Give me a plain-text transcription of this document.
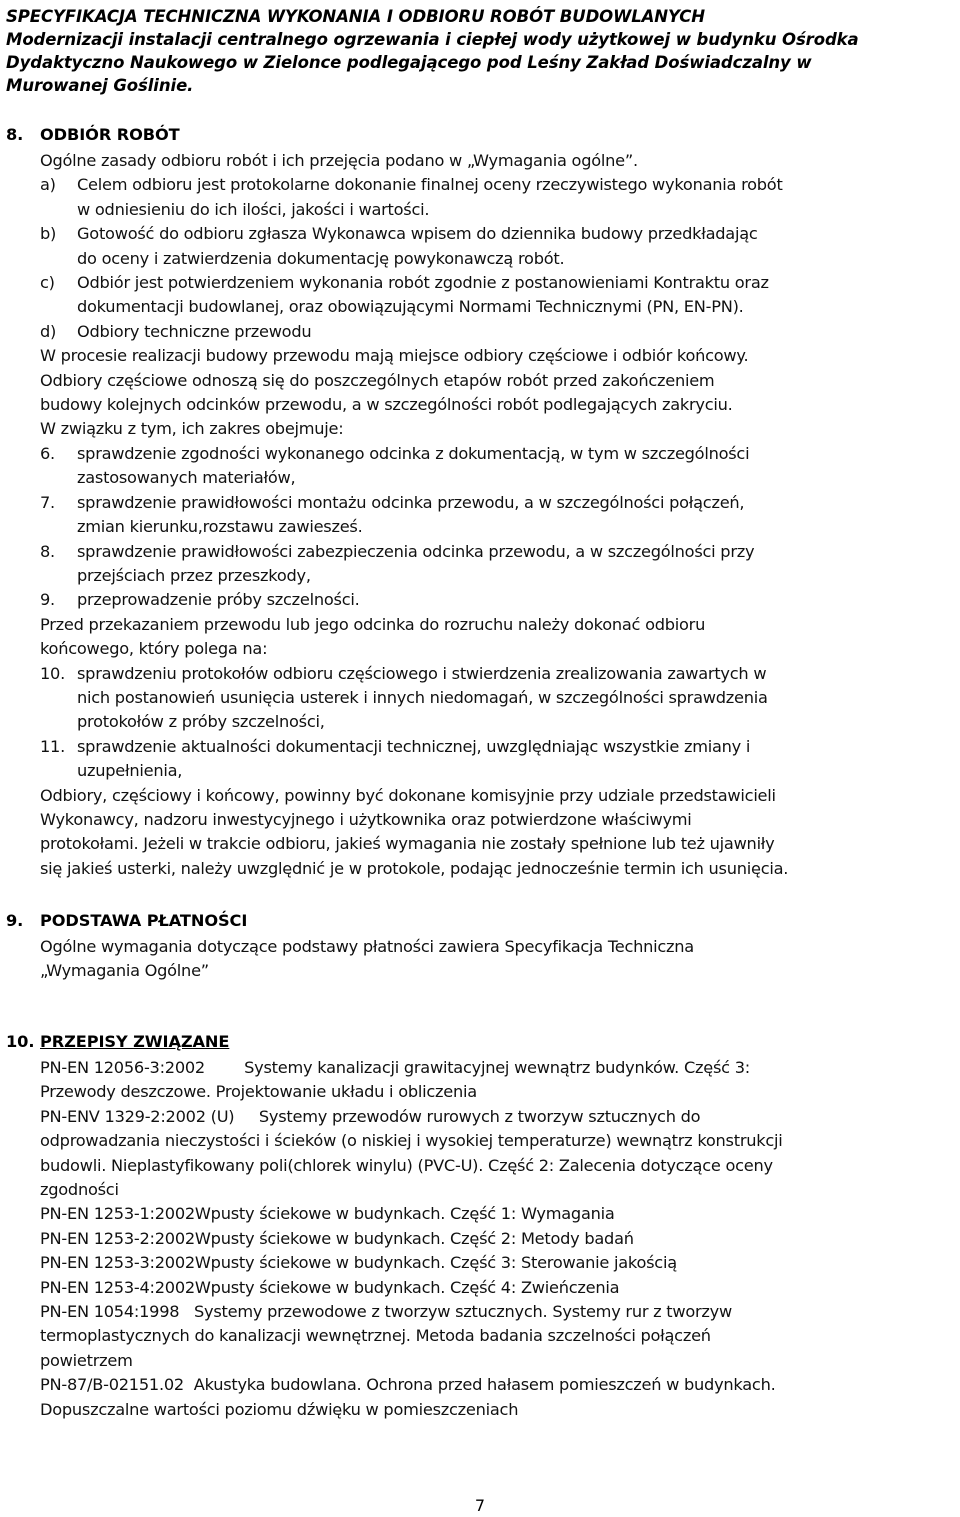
SPECYFIKACJA TECHNICZNA WYKONANIA I ODBIORU ROBÓT BUDOWLANYCH
Modernizacji instalacji centralnego ogrzewania i ciepłej wody użytkowej w budynku Ośrodka
Dydaktyczno Naukowego w Zielonce podlegającego pod Leśny Zakład Doświadczalny w
Murowanej Goślinie.
8. ODBIÓR ROBÓT

Ogólne zasady odbioru robót i ich przejęcia podano w „Wymagania ogólne”.

a) Celem odbioru jest protokolarne dokonanie finalnej oceny rzeczywistego wykonania robót
w odniesieniu do ich ilości, jakości i wartości.
b) Gotowość do odbioru zgłasza Wykonawca wpisem do dziennika budowy przedkładając
do oceny i zatwierdzenia dokumentację powykonawczą robót.
c) Odbiór jest potwierdzeniem wykonania robót zgodnie z postanowieniami Kontraktu oraz
dokumentacji budowlanej, oraz obowiązującymi Normami Technicznymi (PN, EN-PN).
d) Odbiory techniczne przewodu
W procesie realizacji budowy przewodu mają miejsce odbiory częściowe i odbiór końcowy.
Odbiory częściowe odnoszą się do poszczególnych etapów robót przed zakończeniem
budowy kolejnych odcinków przewodu, a w szczególności robót podlegających zakryciu.
W związku z tym, ich zakres obejmuje:
6. sprawdzenie zgodności wykonanego odcinka z dokumentacją, w tym w szczególności
zastosowanych materiałów,
7. sprawdzenie prawidłowości montażu odcinka przewodu, a w szczególności połączeń,
zmian kierunku,rozstawu zawiesześ.
8. sprawdzenie prawidłowości zabezpieczenia odcinka przewodu, a w szczególności przy
przejściach przez przeszkody,
9. przeprowadzenie próby szczelności.
Przed przekazaniem przewodu lub jego odcinka do rozruchu należy dokonać odbioru
końcowego, który polega na:
10. sprawdzeniu protokołów odbioru częściowego i stwierdzenia zrealizowania zawartych w
nich postanowień usunięcia usterek i innych niedomagań, w szczególności sprawdzenia
protokołów z próby szczelności,
11. sprawdzenie aktualności dokumentacji technicznej, uwzględniając wszystkie zmiany i
uzupełnienia,
Odbiory, częściowy i końcowy, powinny być dokonane komisyjnie przy udziale przedstawicieli
Wykonawcy, nadzoru inwestycyjnego i użytkownika oraz potwierdzone właściwymi
protokołami. Jeżeli w trakcie odbioru, jakieś wymagania nie zostały spełnione lub też ujawniły
się jakieś usterki, należy uwzględnić je w protokole, podając jednocześnie termin ich usunięcia.
9. PODSTAWA PŁATNOŚCI
Ogólne wymagania dotyczące podstawy płatności zawiera Specyfikacja Techniczna
„Wymagania Ogólne”
10. PRZEPISY ZWIĄZANE
PN-EN 12056-3:2002        Systemy kanalizacji grawitacyjnej wewnątrz budynków. Część 3:
Przewody deszczowe. Projektowanie układu i obliczenia
PN-ENV 1329-2:2002 (U)     Systemy przewodów rurowych z tworzyw sztucznych do
odprowadzania nieczystości i ścieków (o niskiej i wysokiej temperaturze) wewnątrz konstrukcji
budowli. Nieplastyfikowany poli(chlorek winylu) (PVC-U). Część 2: Zalecenia dotyczące oceny
zgodności
PN-EN 1253-1:2002Wpusty ściekowe w budynkach. Część 1: Wymagania
PN-EN 1253-2:2002Wpusty ściekowe w budynkach. Część 2: Metody badań
PN-EN 1253-3:2002Wpusty ściekowe w budynkach. Część 3: Sterowanie jakością
PN-EN 1253-4:2002Wpusty ściekowe w budynkach. Część 4: Zwieńczenia
PN-EN 1054:1998   Systemy przewodowe z tworzyw sztucznych. Systemy rur z tworzyw
termoplastycznych do kanalizacji wewnętrznej. Metoda badania szczelności połączeń
powietrzem
PN-87/B-02151.02  Akustyka budowlana. Ochrona przed hałasem pomieszczeń w budynkach.
Dopuszczalne wartości poziomu dźwięku w pomieszczeniach
7
